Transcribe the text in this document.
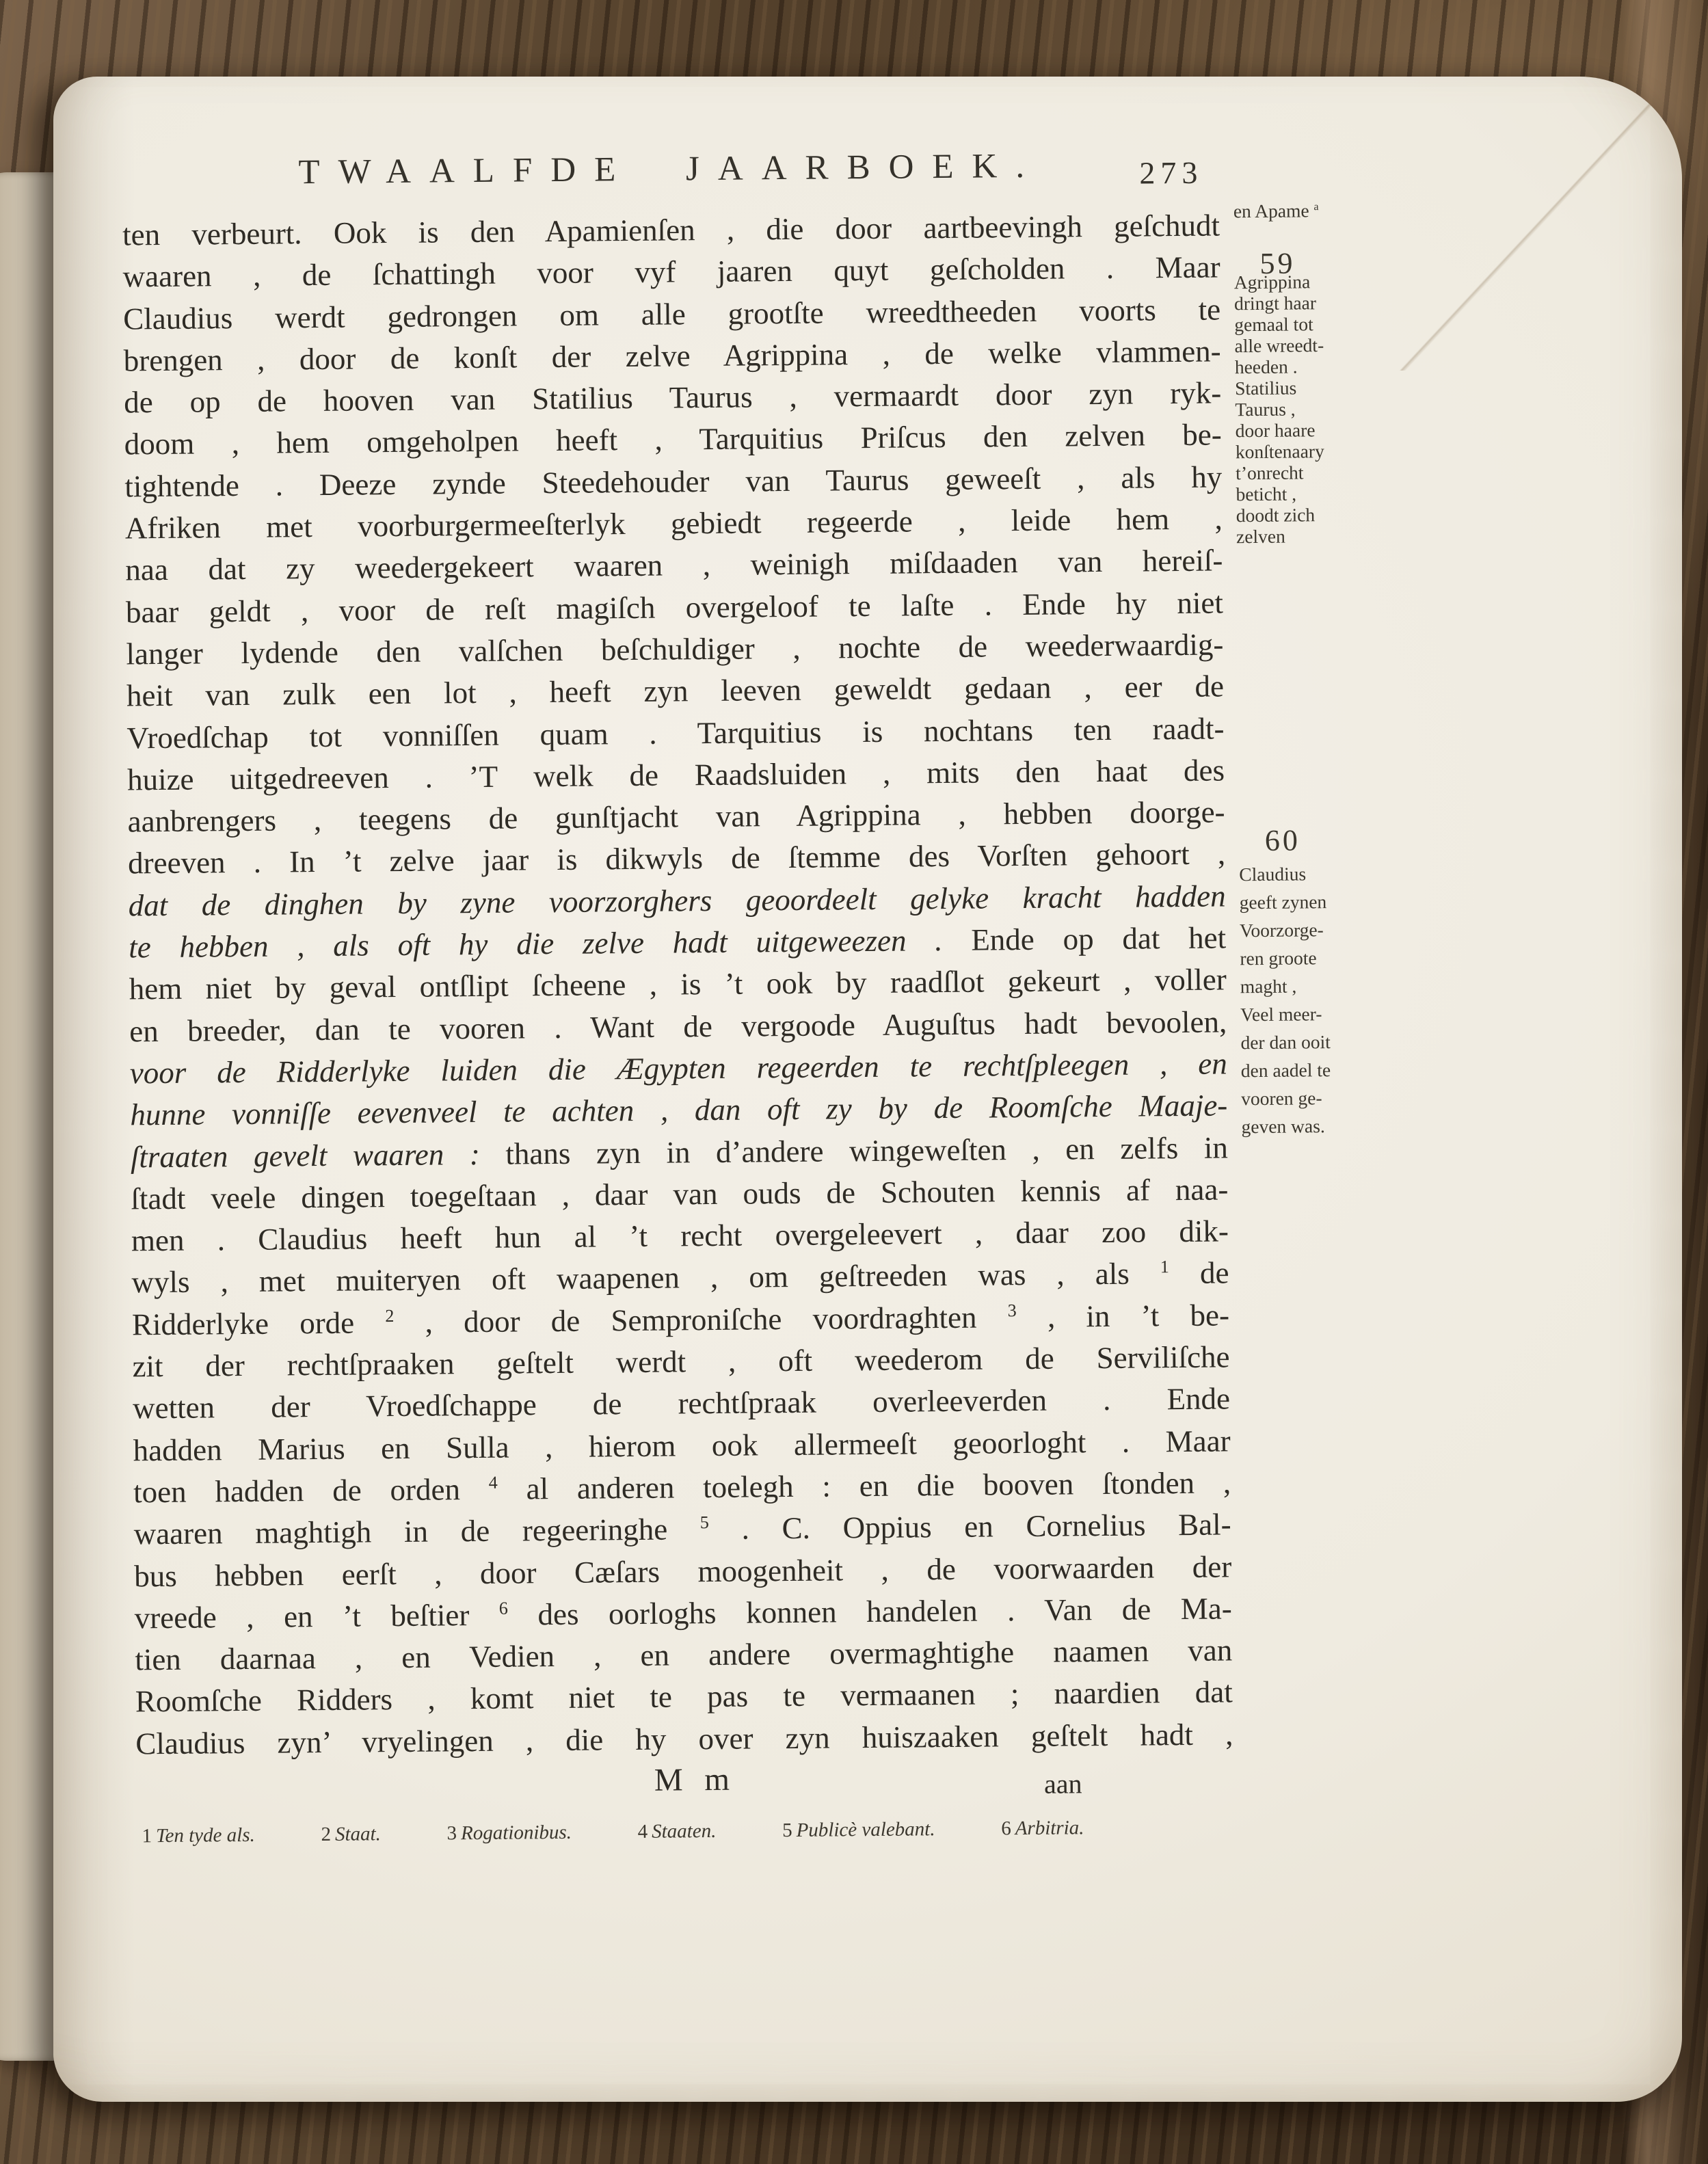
TWAALFDE JAARBOEK.	273
ten verbeurt. Ook is den Apamienſen , die door aartbeevingh geſchudt
waaren , de ſchattingh voor vyf jaaren quyt geſcholden . Maar
Claudius werdt gedrongen om alle grootſte wreedtheeden voorts te
brengen , door de konſt der zelve Agrippina , de welke vlammen-
de op de hooven van Statilius Taurus , vermaardt door zyn ryk-
doom , hem omgeholpen heeft , Tarquitius Priſcus den zelven be-
tightende . Deeze zynde Steedehouder van Taurus geweeſt , als hy
Afriken met voorburgermeeſterlyk gebiedt regeerde , leide hem ,
naa dat zy weedergekeert waaren , weinigh miſdaaden van hereiſ-
baar geldt , voor de reſt magiſch overgeloof te laſte . Ende hy niet
langer lydende den valſchen beſchuldiger , nochte de weederwaardig-
heit van zulk een lot , heeft zyn leeven geweldt gedaan , eer de
Vroedſchap tot vonniſſen quam . Tarquitius is nochtans ten raadt-
huize uitgedreeven . ’T welk de Raadsluiden , mits den haat des
aanbrengers , teegens de gunſtjacht van Agrippina , hebben doorge-
dreeven . In ’t zelve jaar is dikwyls de ſtemme des Vorſten gehoort ,
dat de dinghen by zyne voorzorghers geoordeelt gelyke kracht hadden
te hebben , als oft hy die zelve hadt uitgeweezen . Ende op dat het
hem niet by geval ontſlipt ſcheene , is ’t ook by raadſlot gekeurt , voller
en breeder, dan te vooren . Want de vergoode Auguſtus hadt bevoolen,
voor de Ridderlyke luiden die Ægypten regeerden te rechtſpleegen , en
hunne vonniſſe eevenveel te achten , dan oft zy by de Roomſche Maaje-
ſtraaten gevelt waaren : thans zyn in d’andere wingeweſten , en zelfs in
ſtadt veele dingen toegeſtaan , daar van ouds de Schouten kennis af naa-
men . Claudius heeft hun al ’t recht overgeleevert , daar zoo dik-
wyls , met muiteryen oft waapenen , om geſtreeden was , als $^1$ de
Ridderlyke orde $^2$ , door de Semproniſche voordraghten $^3$ , in ’t be-
zit der rechtſpraaken geſtelt werdt , oft weederom de Serviliſche
wetten der Vroedſchappe de rechtſpraak overleeverden . Ende
hadden Marius en Sulla , hierom ook allermeeſt geoorloght . Maar
toen hadden de orden $^4$ al anderen toelegh : en die booven ſtonden ,
waaren maghtigh in de regeeringhe $^5$ . C. Oppius en Cornelius Bal-
bus hebben eerſt , door Cæſars moogenheit , de voorwaarden der
vreede , en ’t beſtier $^6$ des oorloghs konnen handelen . Van de Ma-
tien daarnaa , en Vedien , en andere overmaghtighe naamen van
Roomſche Ridders , komt niet te pas te vermaanen ; naardien dat
Claudius zyn’ vryelingen , die hy over zyn huiszaaken geſtelt hadt ,
en Apame $^a$
59
Agrippina
dringt haar
gemaal tot
alle wreedt-
heeden .
Statilius
Taurus ,
door haare
konſtenaary
t’onrecht
beticht ,
doodt zich
zelven
60
Claudius
geeft zynen
Voorzorge-
ren groote
maght ,
Veel meer-
der dan ooit
den aadel te
vooren ge-
geven was.
M m	aan
1 Ten tyde als.	2 Staat.	3 Rogationibus.	4 Staaten.	5 Publicè valebant.	6 Arbitria.
